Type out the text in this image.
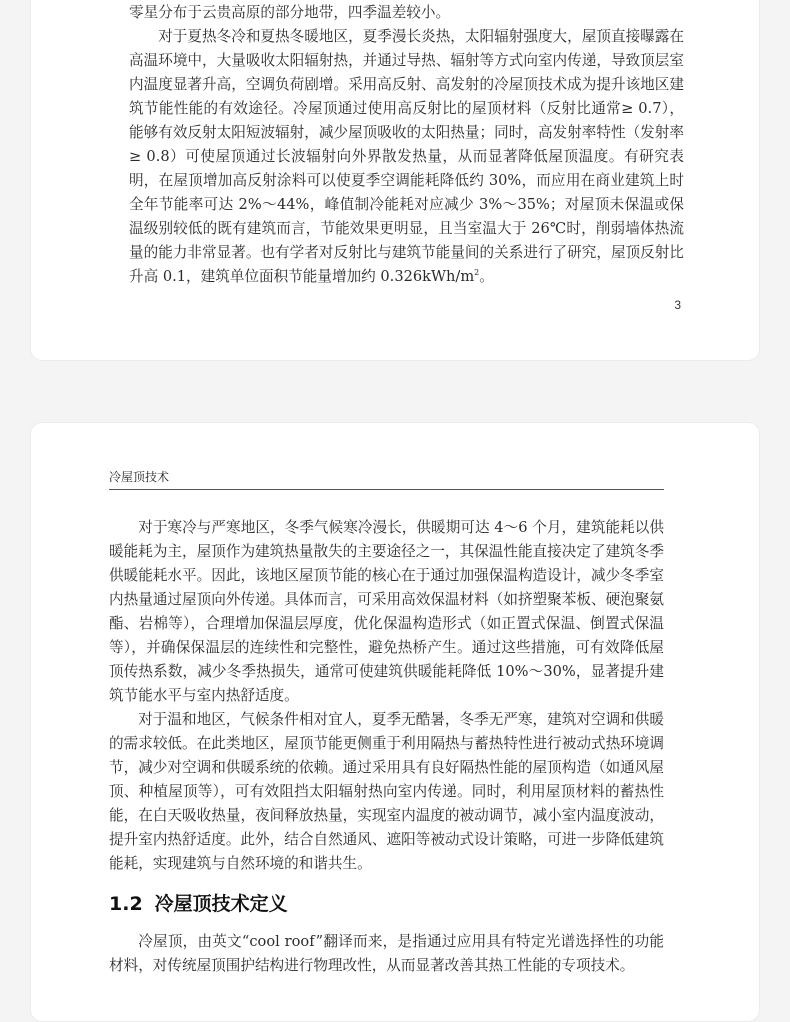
零星分布于云贵高原的部分地带，四季温差较小。

对于夏热冬冷和夏热冬暖地区，夏季漫长炎热，太阳辐射强度大，屋顶直接曝露在高温环境中，大量吸收太阳辐射热，并通过导热、辐射等方式向室内传递，导致顶层室内温度显著升高，空调负荷剧增。采用高反射、高发射的冷屋顶技术成为提升该地区建筑节能性能的有效途径。冷屋顶通过使用高反射比的屋顶材料（反射比通常≥ 0.7），能够有效反射太阳短波辐射，减少屋顶吸收的太阳热量；同时，高发射率特性（发射率≥ 0.8）可使屋顶通过长波辐射向外界散发热量，从而显著降低屋顶温度。有研究表明，在屋顶增加高反射涂料可以使夏季空调能耗降低约 30%，而应用在商业建筑上时全年节能率可达 2%～44%，峰值制冷能耗对应减少 3%～35%；对屋顶未保温或保温级别较低的既有建筑而言，节能效果更明显，且当室温大于 26℃时，削弱墙体热流量的能力非常显著。也有学者对反射比与建筑节能量间的关系进行了研究，屋顶反射比升高 0.1，建筑单位面积节能量增加约 $0.326kWh/m^2$。

3
冷屋顶技术

对于寒冷与严寒地区，冬季气候寒冷漫长，供暖期可达 4～6 个月，建筑能耗以供暖能耗为主，屋顶作为建筑热量散失的主要途径之一，其保温性能直接决定了建筑冬季供暖能耗水平。因此，该地区屋顶节能的核心在于通过加强保温构造设计，减少冬季室内热量通过屋顶向外传递。具体而言，可采用高效保温材料（如挤塑聚苯板、硬泡聚氨酯、岩棉等），合理增加保温层厚度，优化保温构造形式（如正置式保温、倒置式保温等），并确保保温层的连续性和完整性，避免热桥产生。通过这些措施，可有效降低屋顶传热系数，减少冬季热损失，通常可使建筑供暖能耗降低 10%～30%，显著提升建筑节能水平与室内热舒适度。

对于温和地区，气候条件相对宜人，夏季无酷暑，冬季无严寒，建筑对空调和供暖的需求较低。在此类地区，屋顶节能更侧重于利用隔热与蓄热特性进行被动式热环境调节，减少对空调和供暖系统的依赖。通过采用具有良好隔热性能的屋顶构造（如通风屋顶、种植屋顶等），可有效阻挡太阳辐射热向室内传递。同时，利用屋顶材料的蓄热性能，在白天吸收热量，夜间释放热量，实现室内温度的被动调节，减小室内温度波动，提升室内热舒适度。此外，结合自然通风、遮阳等被动式设计策略，可进一步降低建筑能耗，实现建筑与自然环境的和谐共生。

1.2 冷屋顶技术定义

冷屋顶，由英文“cool roof”翻译而来，是指通过应用具有特定光谱选择性的功能材料，对传统屋顶围护结构进行物理改性，从而显著改善其热工性能的专项技术。
